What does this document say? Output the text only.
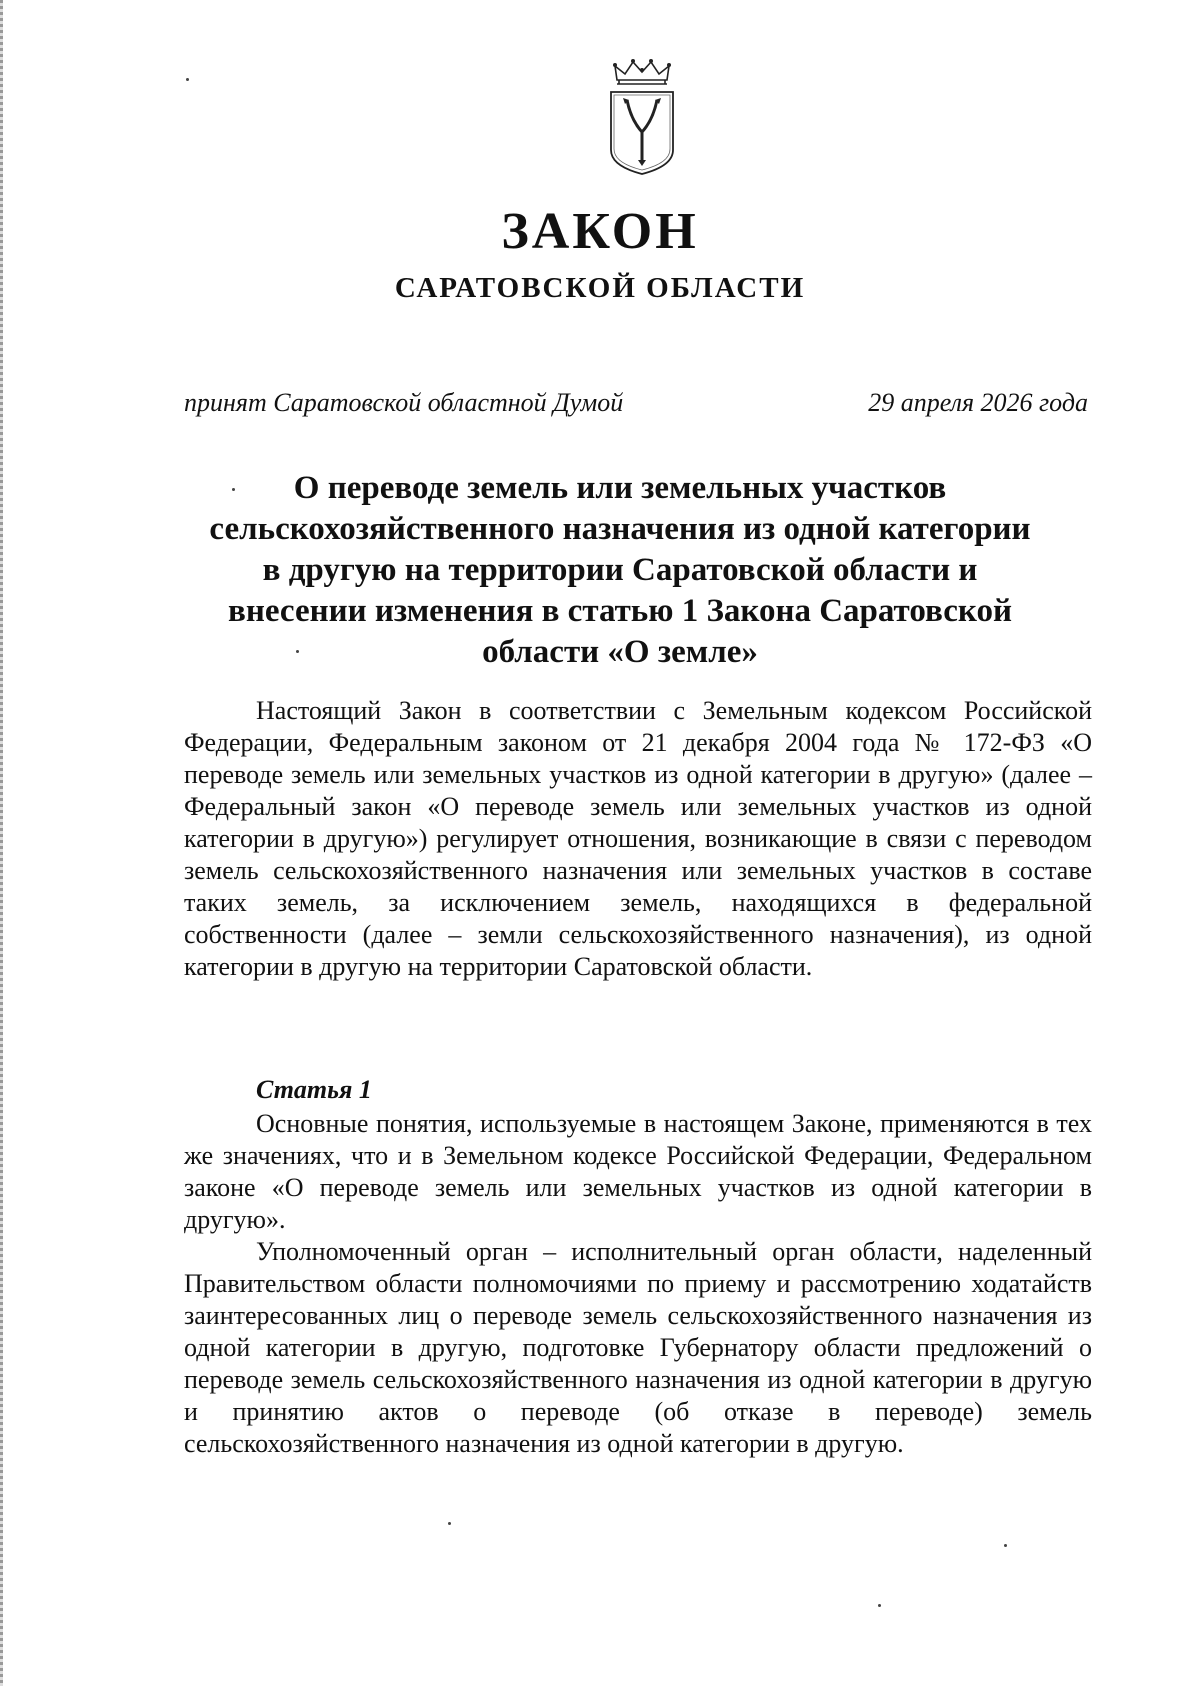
ЗАКОН
САРАТОВСКОЙ ОБЛАСТИ
принят Саратовской областной Думой	29 апреля 2026 года
О переводе земель или земельных участков
сельскохозяйственного назначения из одной категории
в другую на территории Саратовской области и
внесении изменения в статью 1 Закона Саратовской
области «О земле»

Настоящий Закон в соответствии с Земельным кодексом Российской Федерации, Федеральным законом от 21 декабря 2004 года № 172-ФЗ «О переводе земель или земельных участков из одной категории в другую» (далее – Федеральный закон «О переводе земель или земельных участков из одной категории в другую») регулирует отношения, возникающие в связи с переводом земель сельскохозяйственного назначения или земельных участков в составе таких земель, за исключением земель, находящихся в федеральной собственности (далее – земли сельскохозяйственного назначения), из одной категории в другую на территории Саратовской области.

Статья 1

Основные понятия, используемые в настоящем Законе, применяются в тех же значениях, что и в Земельном кодексе Российской Федерации, Федеральном законе «О переводе земель или земельных участков из одной категории в другую».

Уполномоченный орган – исполнительный орган области, наделенный Правительством области полномочиями по приему и рассмотрению ходатайств заинтересованных лиц о переводе земель сельскохозяйственного назначения из одной категории в другую, подготовке Губернатору области предложений о переводе земель сельскохозяйственного назначения из одной категории в другую и принятию актов о переводе (об отказе в переводе) земель сельскохозяйственного назначения из одной категории в другую.
